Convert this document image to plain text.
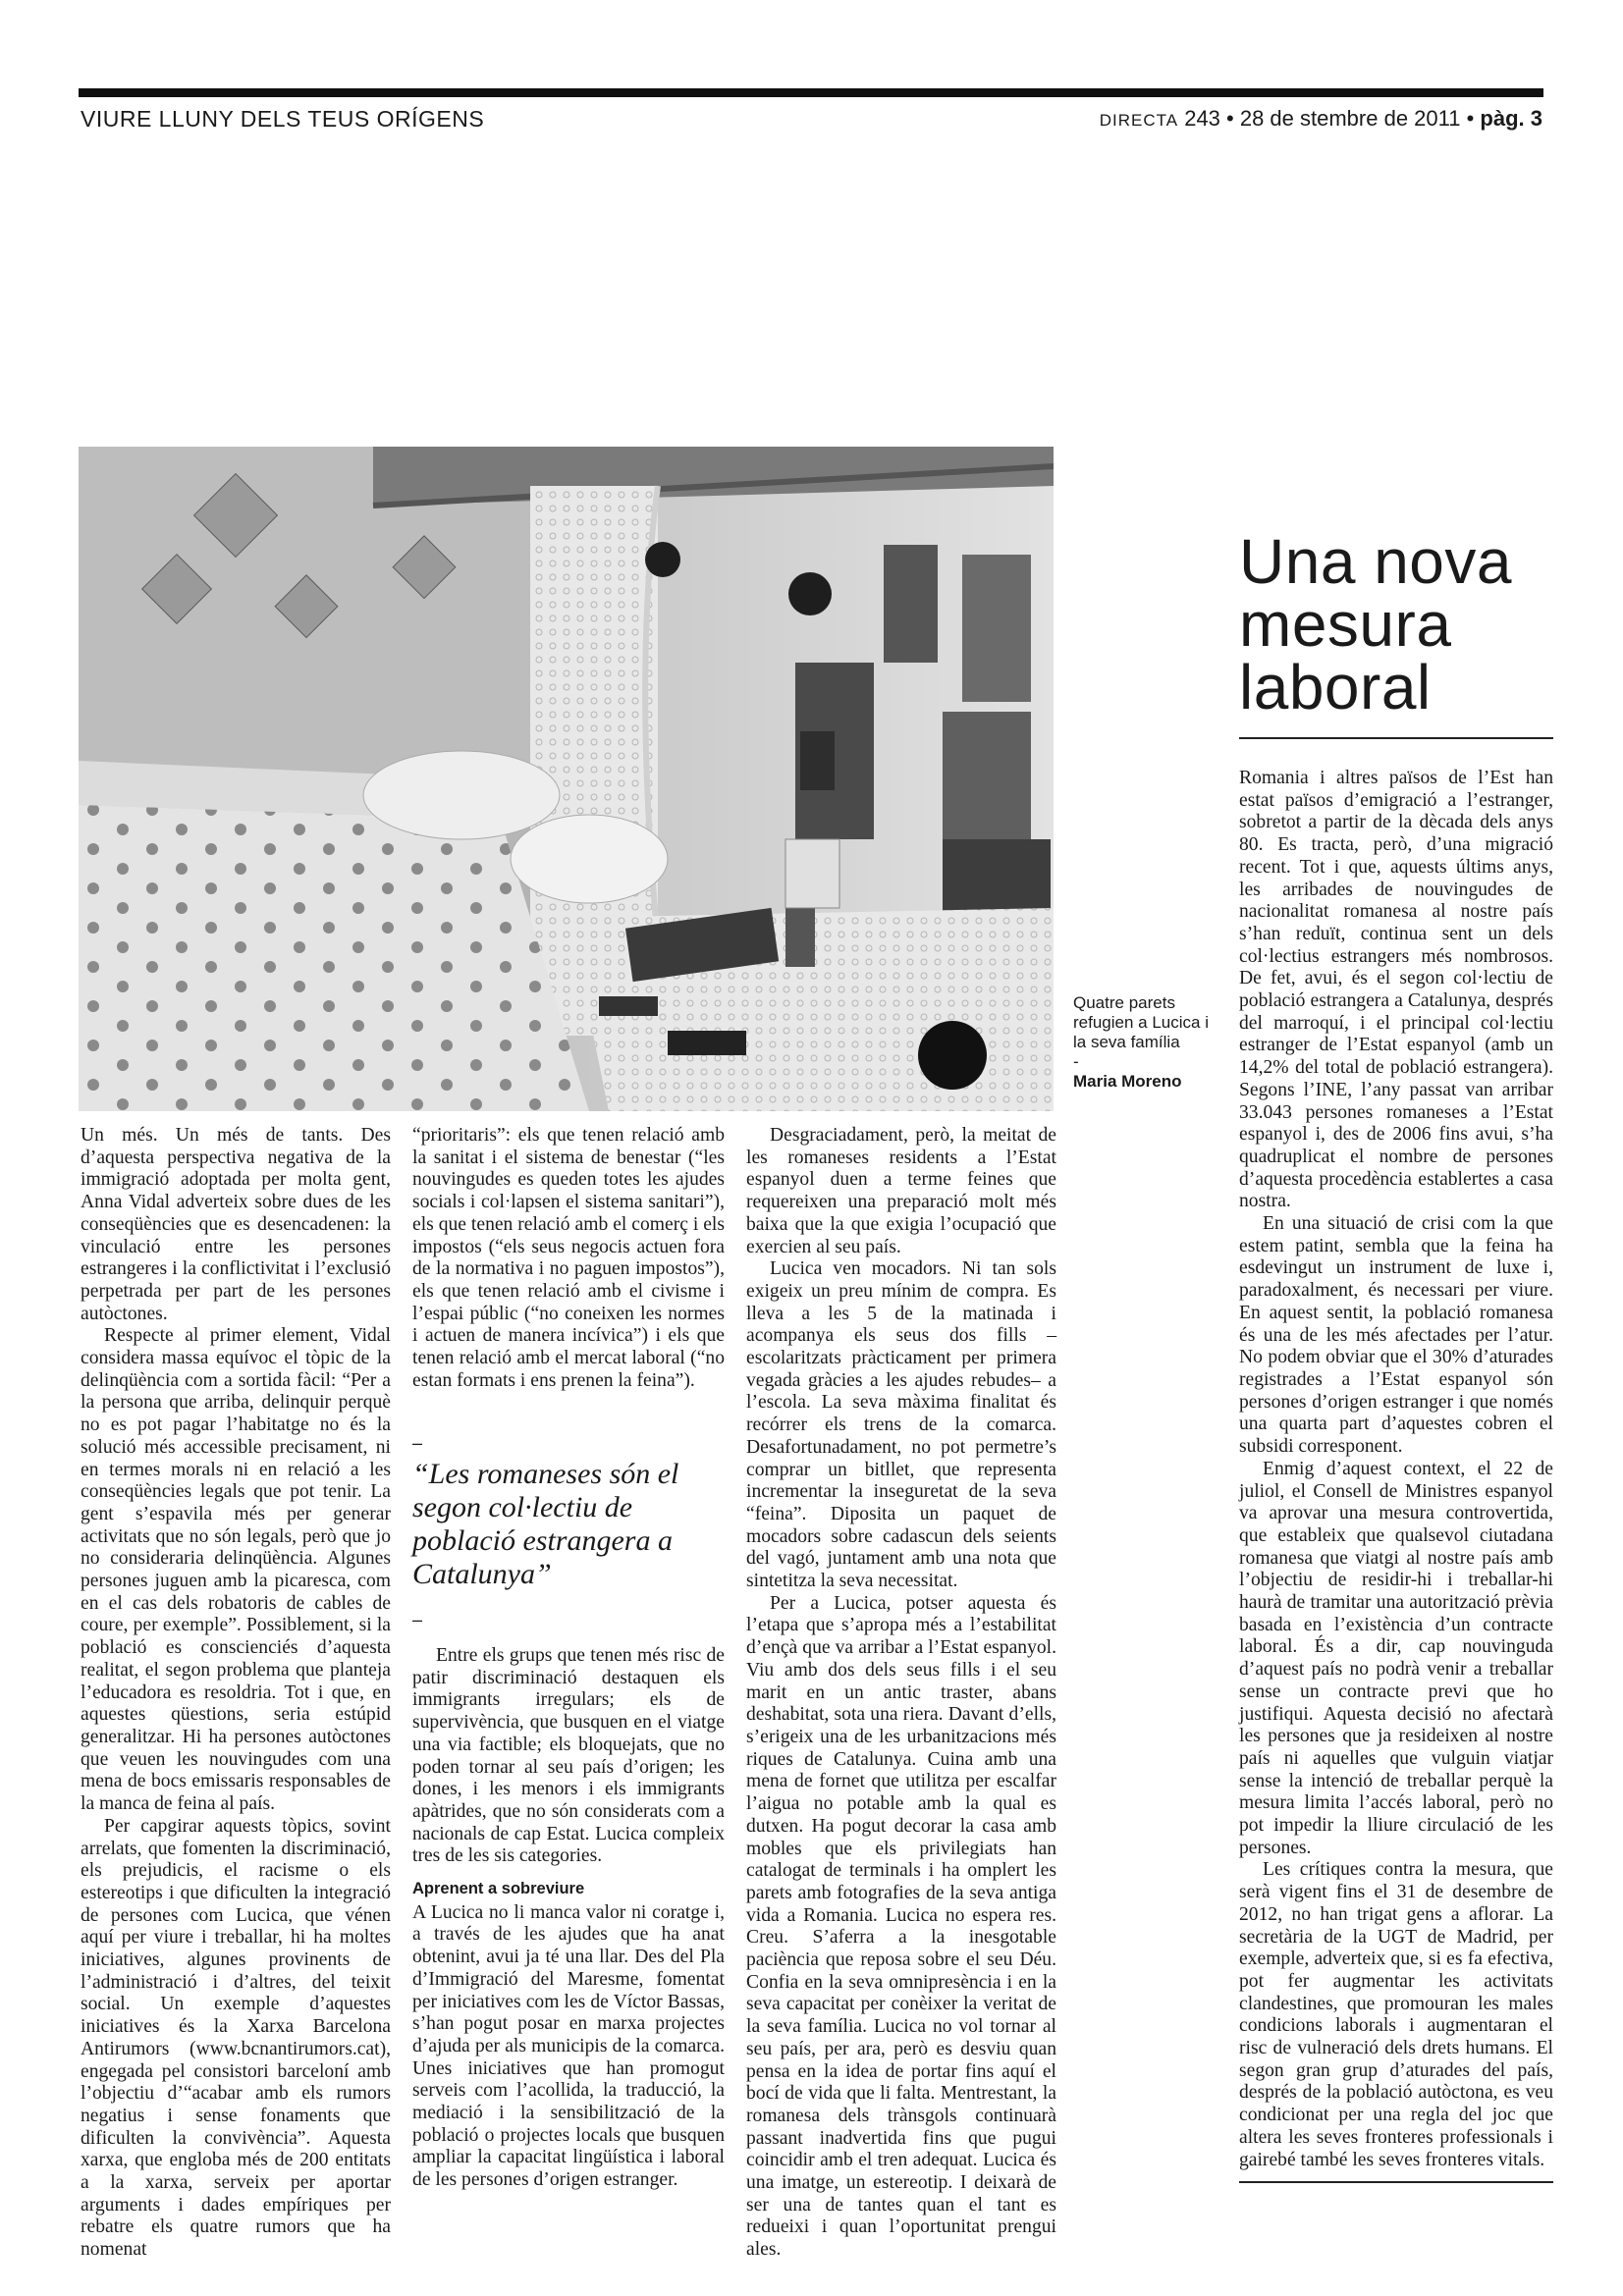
VIURE LLUNY DELS TEUS ORÍGENS	DIRECTA 243 • 28 de stembre de 2011 • pàg. 3
Quatre parets refugien a Lucica i la seva família
-
Maria Moreno
Una nova mesura laboral

Un més. Un més de tants. Des d’aquesta perspectiva negativa de la immigració adoptada per molta gent, Anna Vidal adverteix sobre dues de les conseqüències que es desencadenen: la vinculació entre les persones estrangeres i la conflictivitat i l’exclusió perpetrada per part de les persones autòctones.

Respecte al primer element, Vidal considera massa equívoc el tòpic de la delinqüència com a sortida fàcil: “Per a la persona que arriba, delinquir perquè no es pot pagar l’habitatge no és la solució més accessible precisament, ni en termes morals ni en relació a les conseqüències legals que pot tenir. La gent s’espavila més per generar activitats que no són legals, però que jo no consideraria delinqüència. Algunes persones juguen amb la picaresca, com en el cas dels robatoris de cables de coure, per exemple”. Possiblement, si la població es conscienciés d’aquesta realitat, el segon problema que planteja l’educadora es resoldria. Tot i que, en aquestes qüestions, seria estúpid generalitzar. Hi ha persones autòctones que veuen les nouvingudes com una mena de bocs emissaris responsables de la manca de feina al país.

Per capgirar aquests tòpics, sovint arrelats, que fomenten la discriminació, els prejudicis, el racisme o els estereotips i que dificulten la integració de persones com Lucica, que vénen aquí per viure i treballar, hi ha moltes iniciatives, algunes provinents de l’administració i d’altres, del teixit social. Un exemple d’aquestes iniciatives és la Xarxa Barcelona Antirumors (www.bcnantirumors.cat), engegada pel consistori barceloní amb l’objectiu d’“acabar amb els rumors negatius i sense fonaments que dificulten la convivència”. Aquesta xarxa, que engloba més de 200 entitats a la xarxa, serveix per aportar arguments i dades empíriques per rebatre els quatre rumors que ha nomenat

“prioritaris”: els que tenen relació amb la sanitat i el sistema de benestar (“les nouvingudes es queden totes les ajudes socials i col·lapsen el sistema sanitari”), els que tenen relació amb el comerç i els impostos (“els seus negocis actuen fora de la normativa i no paguen impostos”), els que tenen relació amb el civisme i l’espai públic (“no coneixen les normes i actuen de manera incívica”) i els que tenen relació amb el mercat laboral (“no estan formats i ens prenen la feina”).

–
“Les romaneses són el segon col·lectiu de població estrangera a Catalunya”
–

Entre els grups que tenen més risc de patir discriminació destaquen els immigrants irregulars; els de supervivència, que busquen en el viatge una via factible; els bloquejats, que no poden tornar al seu país d’origen; les dones, i les menors i els immigrants apàtrides, que no són considerats com a nacionals de cap Estat. Lucica compleix tres de les sis categories.

Aprenent a sobreviure

A Lucica no li manca valor ni coratge i, a través de les ajudes que ha anat obtenint, avui ja té una llar. Des del Pla d’Immigració del Maresme, fomentat per iniciatives com les de Víctor Bassas, s’han pogut posar en marxa projectes d’ajuda per als municipis de la comarca. Unes iniciatives que han promogut serveis com l’acollida, la traducció, la mediació i la sensibilització de la població o projectes locals que busquen ampliar la capacitat lingüística i laboral de les persones d’origen estranger.

Desgraciadament, però, la meitat de les romaneses residents a l’Estat espanyol duen a terme feines que requereixen una preparació molt més baixa que la que exigia l’ocupació que exercien al seu país.

Lucica ven mocadors. Ni tan sols exigeix un preu mínim de compra. Es lleva a les 5 de la matinada i acompanya els seus dos fills –escolaritzats pràcticament per primera vegada gràcies a les ajudes rebudes– a l’escola. La seva màxima finalitat és recórrer els trens de la comarca. Desafortunadament, no pot permetre’s comprar un bitllet, que representa incrementar la inseguretat de la seva “feina”. Diposita un paquet de mocadors sobre cadascun dels seients del vagó, juntament amb una nota que sintetitza la seva necessitat.

Per a Lucica, potser aquesta és l’etapa que s’apropa més a l’estabilitat d’ençà que va arribar a l’Estat espanyol. Viu amb dos dels seus fills i el seu marit en un antic traster, abans deshabitat, sota una riera. Davant d’ells, s’erigeix una de les urbanitzacions més riques de Catalunya. Cuina amb una mena de fornet que utilitza per escalfar l’aigua no potable amb la qual es dutxen. Ha pogut decorar la casa amb mobles que els privilegiats han catalogat de terminals i ha omplert les parets amb fotografies de la seva antiga vida a Romania. Lucica no espera res. Creu. S’aferra a la inesgotable paciència que reposa sobre el seu Déu. Confia en la seva omnipresència i en la seva capacitat per conèixer la veritat de la seva família. Lucica no vol tornar al seu país, per ara, però es desviu quan pensa en la idea de portar fins aquí el bocí de vida que li falta. Mentrestant, la romanesa dels trànsgols continuarà passant inadvertida fins que pugui coincidir amb el tren adequat. Lucica és una imatge, un estereotip. I deixarà de ser una de tantes quan el tant es redueixi i quan l’oportunitat prengui ales.

Romania i altres països de l’Est han estat països d’emigració a l’estranger, sobretot a partir de la dècada dels anys 80. Es tracta, però, d’una migració recent. Tot i que, aquests últims anys, les arribades de nouvingudes de nacionalitat romanesa al nostre país s’han reduït, continua sent un dels col·lectius estrangers més nombrosos. De fet, avui, és el segon col·lectiu de població estrangera a Catalunya, després del marroquí, i el principal col·lectiu estranger de l’Estat espanyol (amb un 14,2% del total de població estrangera). Segons l’INE, l’any passat van arribar 33.043 persones romaneses a l’Estat espanyol i, des de 2006 fins avui, s’ha quadruplicat el nombre de persones d’aquesta procedència establertes a casa nostra.

En una situació de crisi com la que estem patint, sembla que la feina ha esdevingut un instrument de luxe i, paradoxalment, és necessari per viure. En aquest sentit, la població romanesa és una de les més afectades per l’atur. No podem obviar que el 30% d’aturades registrades a l’Estat espanyol són persones d’origen estranger i que només una quarta part d’aquestes cobren el subsidi corresponent.

Enmig d’aquest context, el 22 de juliol, el Consell de Ministres espanyol va aprovar una mesura controvertida, que estableix que qualsevol ciutadana romanesa que viatgi al nostre país amb l’objectiu de residir-hi i treballar-hi haurà de tramitar una autorització prèvia basada en l’existència d’un contracte laboral. És a dir, cap nouvinguda d’aquest país no podrà venir a treballar sense un contracte previ que ho justifiqui. Aquesta decisió no afectarà les persones que ja resideixen al nostre país ni aquelles que vulguin viatjar sense la intenció de treballar perquè la mesura limita l’accés laboral, però no pot impedir la lliure circulació de les persones.

Les crítiques contra la mesura, que serà vigent fins el 31 de desembre de 2012, no han trigat gens a aflorar. La secretària de la UGT de Madrid, per exemple, adverteix que, si es fa efectiva, pot fer augmentar les activitats clandestines, que promouran les males condicions laborals i augmentaran el risc de vulneració dels drets humans. El segon gran grup d’aturades del país, després de la població autòctona, es veu condicionat per una regla del joc que altera les seves fronteres professionals i gairebé també les seves fronteres vitals.
